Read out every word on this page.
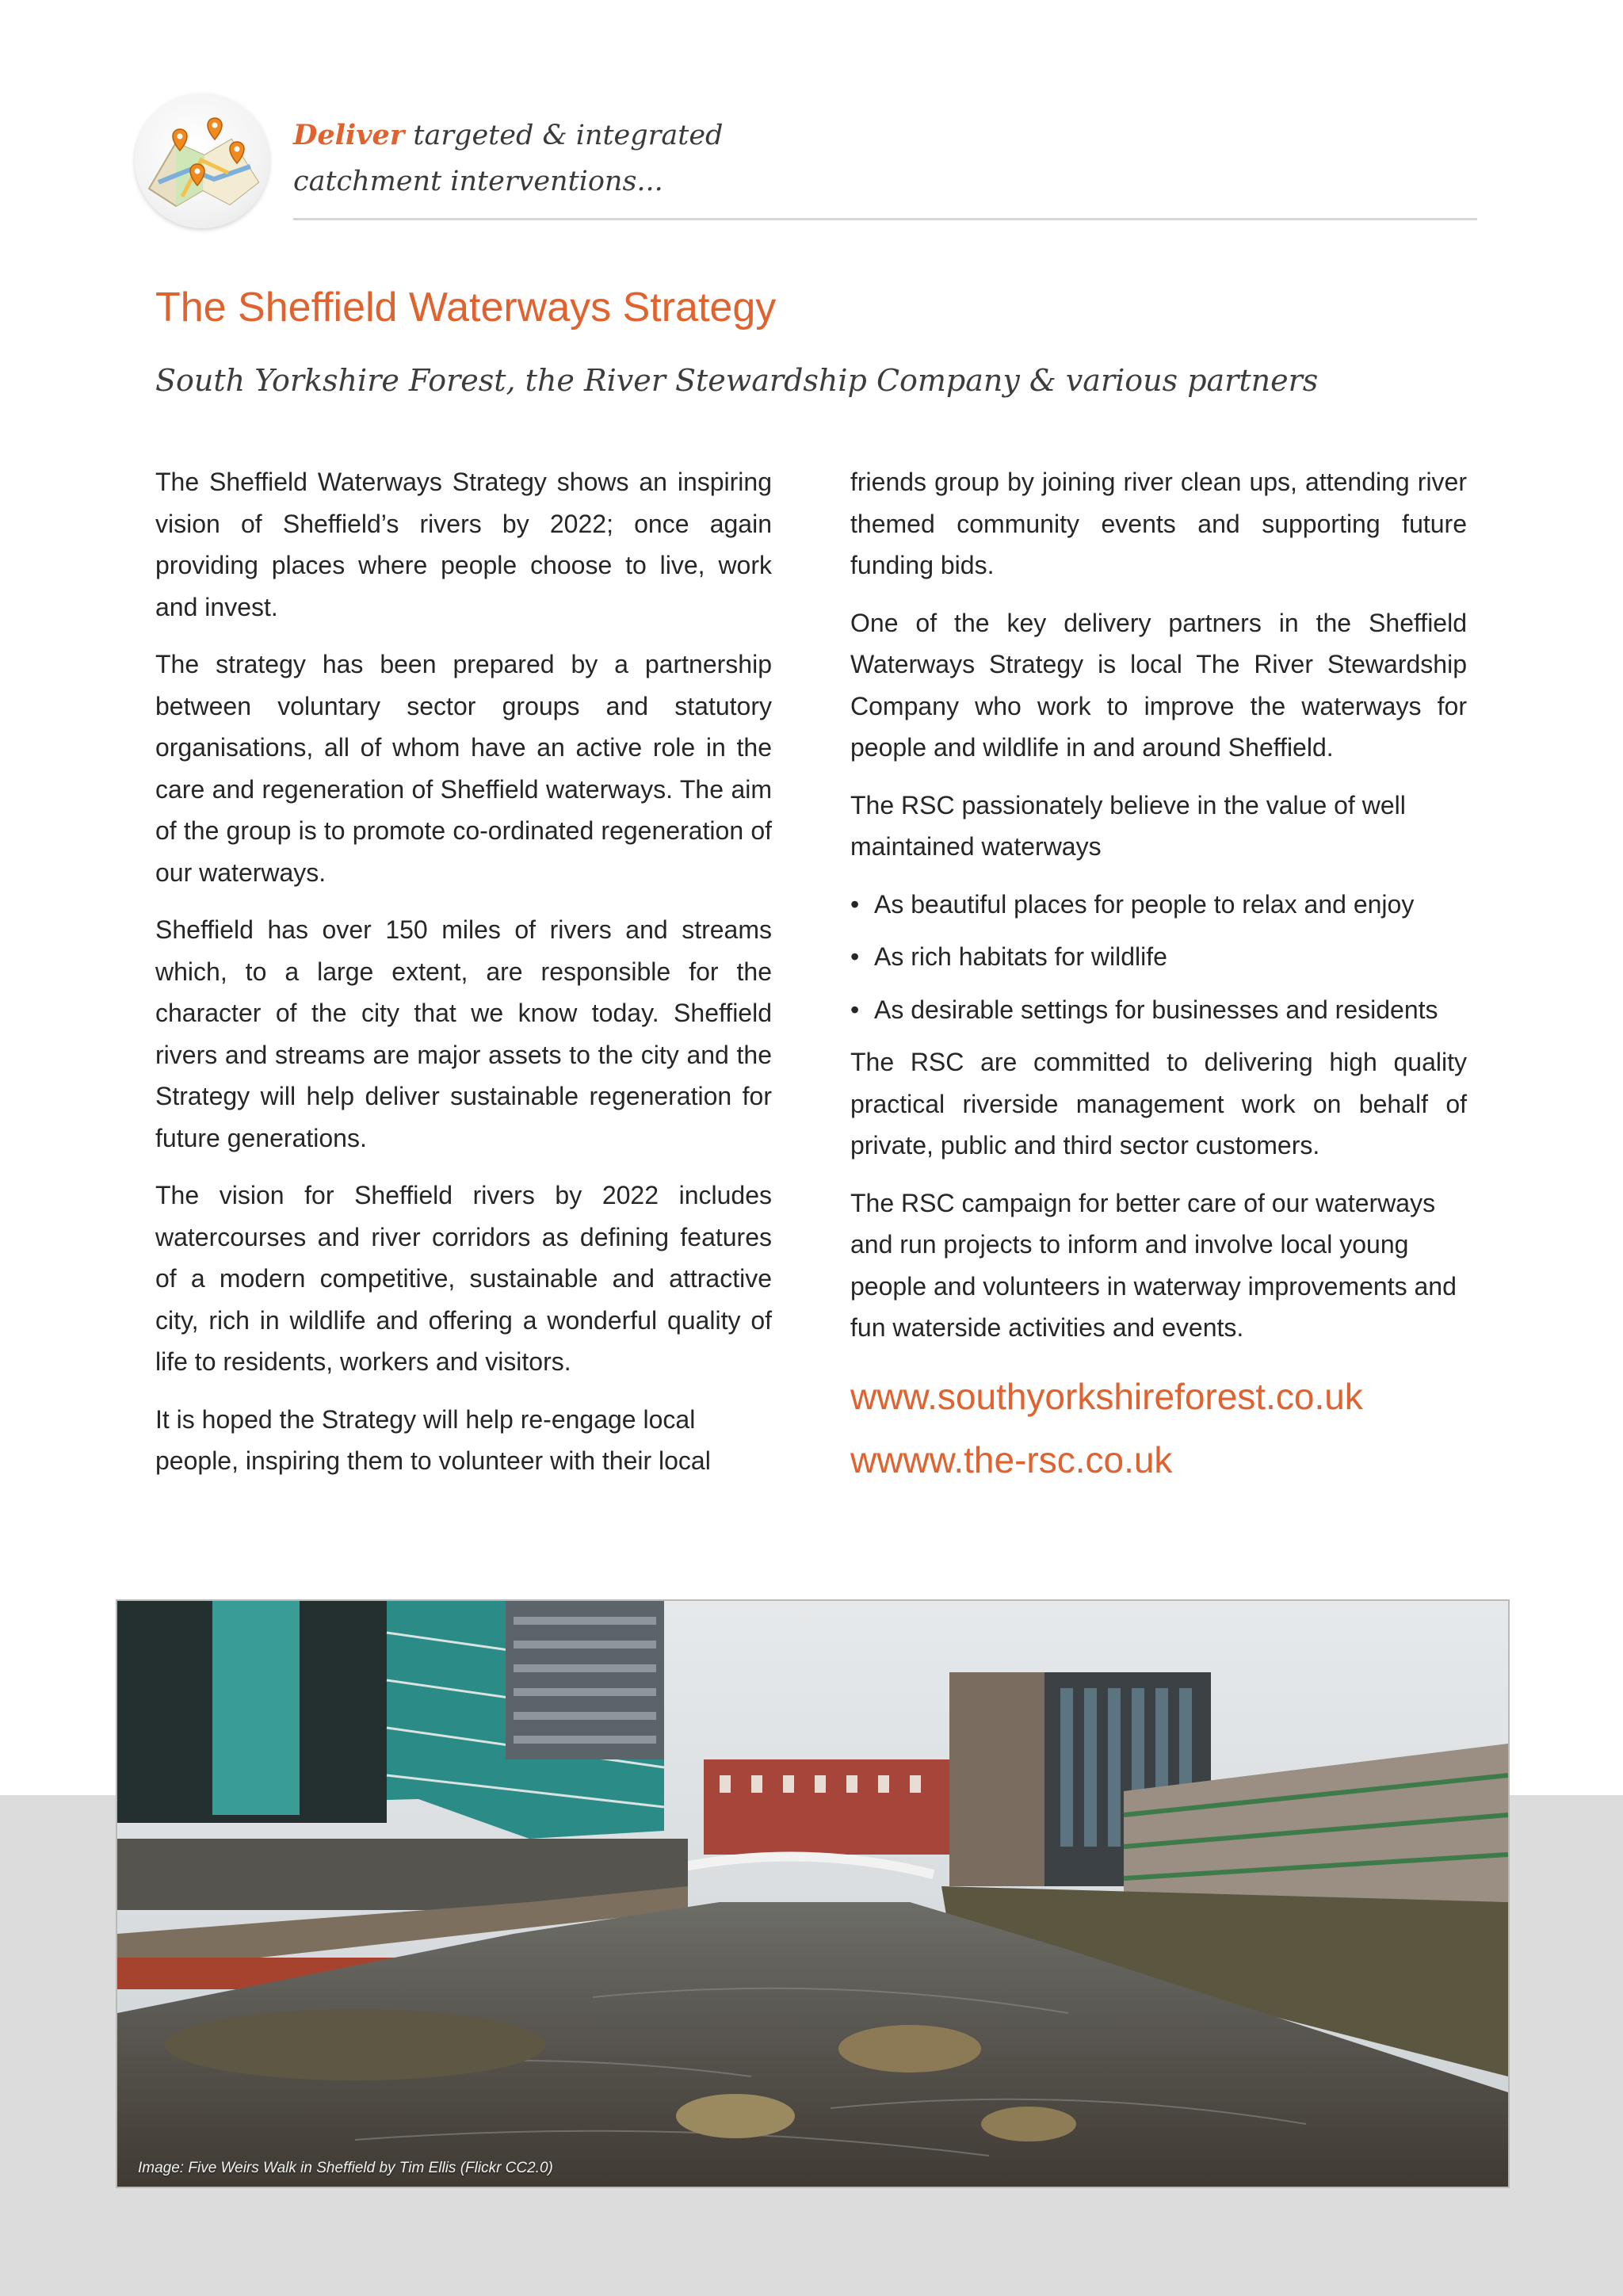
Deliver targeted & integrated
catchment interventions...
The Sheffield Waterways Strategy
South Yorkshire Forest, the River Stewardship Company & various partners

The Sheffield Waterways Strategy shows an inspiring vision of Sheffield’s rivers by 2022; once again providing places where people choose to live, work and invest.

The strategy has been prepared by a partnership between voluntary sector groups and statutory organisations, all of whom have an active role in the care and regeneration of Sheffield waterways. The aim of the group is to promote co-ordinated regeneration of our waterways.

Sheffield has over 150 miles of rivers and streams which, to a large extent, are responsible for the character of the city that we know today. Sheffield rivers and streams are major assets to the city and the Strategy will help deliver sustainable regeneration for future generations.

The vision for Sheffield rivers by 2022 includes watercourses and river corridors as defining features of a modern competitive, sustainable and attractive city, rich in wildlife and offering a wonderful quality of life to residents, workers and visitors.

It is hoped the Strategy will help re-engage local people, inspiring them to volunteer with their local

friends group by joining river clean ups, attending river themed community events and supporting future funding bids.

One of the key delivery partners in the Sheffield Waterways Strategy is local The River Stewardship Company who work to improve the waterways for people and wildlife in and around Sheffield.

The RSC passionately believe in the value of well maintained waterways

• As beautiful places for people to relax and enjoy
• As rich habitats for wildlife
• As desirable settings for businesses and residents

The RSC are committed to delivering high quality practical riverside management work on behalf of private, public and third sector customers.

The RSC campaign for better care of our waterways and run projects to inform and involve local young people and volunteers in waterway improvements and fun waterside activities and events.

www.southyorkshireforest.co.uk
wwww.the-rsc.co.uk
Image: Five Weirs Walk in Sheffield by Tim Ellis (Flickr CC2.0)
